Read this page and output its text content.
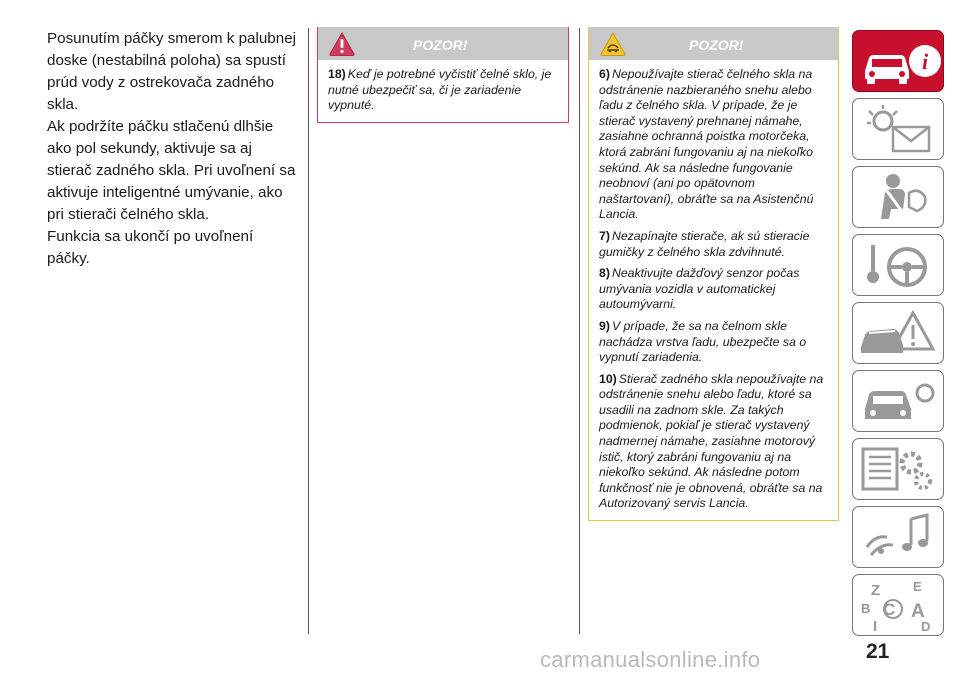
Posunutím páčky smerom k palubnej doske (nestabilná poloha) sa spustí prúd vody z ostrekovača zadného skla.

Ak podržíte páčku stlačenú dlhšie ako pol sekundy, aktivuje sa aj stierač zadného skla. Pri uvoľnení sa aktivuje inteligentné umývanie, ako pri stierači čelného skla.

Funkcia sa ukončí po uvoľnení páčky.

POZOR!

18) Keď je potrebné vyčistiť čelné sklo, je nutné ubezpečiť sa, či je zariadenie vypnuté.

POZOR!

6) Nepoužívajte stierač čelného skla na odstránenie nazbieraného snehu alebo ľadu z čelného skla. V prípade, že je stierač vystavený prehnanej námahe, zasiahne ochranná poistka motorčeka, ktorá zabráni fungovaniu aj na niekoľko sekúnd. Ak sa následne fungovanie neobnoví (ani po opätovnom naštartovaní), obráťte sa na Asistenčnú Lancia.

7) Nezapínajte stierače, ak sú stieracie gumičky z čelného skla zdvihnuté.

8) Neaktivujte dažďový senzor počas umývania vozidla v automatickej autoumývarni.

9) V prípade, že sa na čelnom skle nachádza vrstva ľadu, ubezpečte sa o vypnutí zariadenia.

10) Stierač zadného skla nepoužívajte na odstránenie snehu alebo ľadu, ktoré sa usadili na zadnom skle. Za takých podmienok, pokiaľ je stierač vystavený nadmernej námahe, zasiahne motorový istič, ktorý zabráni fungovaniu aj na niekoľko sekúnd. Ak následne potom funkčnosť nie je obnovená, obráťte sa na Autorizovaný servis Lancia.

i
Z	E
B C A
I	D
21
carmanualsonline.info
